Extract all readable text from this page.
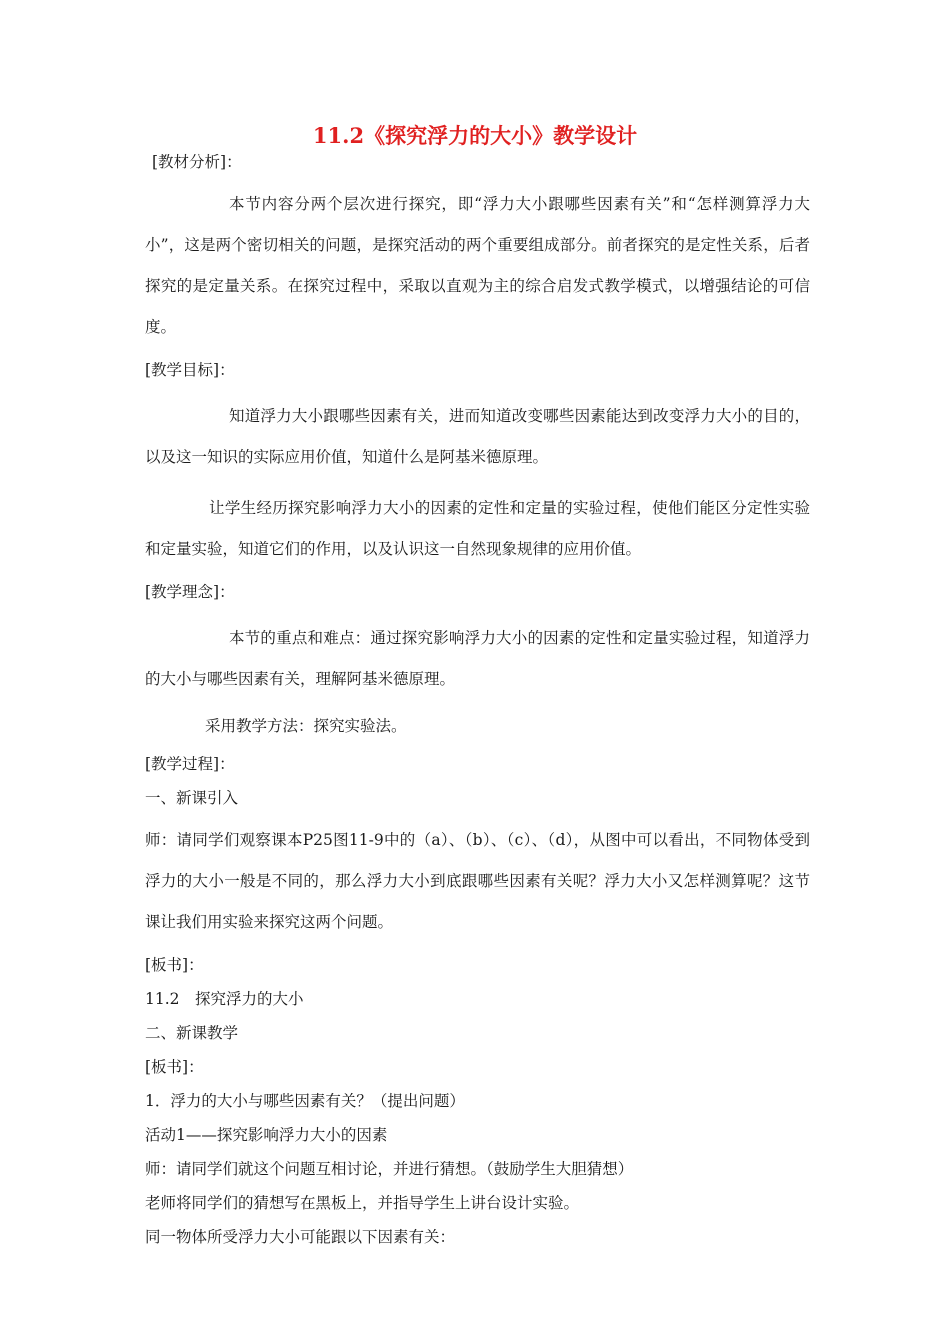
11.2《探究浮力的大小》教学设计

[教材分析]：

本节内容分两个层次进行探究，即“浮力大小跟哪些因素有关”和“怎样测算浮力大小”，这是两个密切相关的问题，是探究活动的两个重要组成部分。前者探究的是定性关系，后者探究的是定量关系。在探究过程中，采取以直观为主的综合启发式教学模式，以增强结论的可信度。

[教学目标]：

知道浮力大小跟哪些因素有关，进而知道改变哪些因素能达到改变浮力大小的目的，以及这一知识的实际应用价值，知道什么是阿基米德原理。

让学生经历探究影响浮力大小的因素的定性和定量的实验过程，使他们能区分定性实验和定量实验，知道它们的作用，以及认识这一自然现象规律的应用价值。

[教学理念]：

本节的重点和难点：通过探究影响浮力大小的因素的定性和定量实验过程，知道浮力的大小与哪些因素有关，理解阿基米德原理。

采用教学方法：探究实验法。

[教学过程]：

一、新课引入

师：请同学们观察课本P25图11-9中的（a）、（b）、（c）、（d），从图中可以看出，不同物体受到浮力的大小一般是不同的，那么浮力大小到底跟哪些因素有关呢？浮力大小又怎样测算呢？这节课让我们用实验来探究这两个问题。

[板书]：

11.2　探究浮力的大小

二、新课教学

[板书]：

1．浮力的大小与哪些因素有关？（提出问题）

活动1——探究影响浮力大小的因素

师：请同学们就这个问题互相讨论，并进行猜想。（鼓励学生大胆猜想）

老师将同学们的猜想写在黑板上，并指导学生上讲台设计实验。

同一物体所受浮力大小可能跟以下因素有关：
